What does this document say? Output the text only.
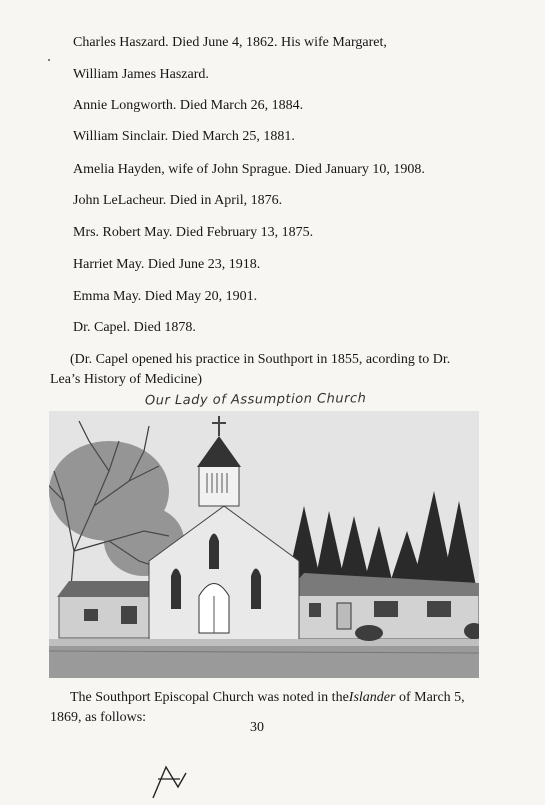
Charles Haszard. Died June 4, 1862. His wife Margaret,
William James Haszard.
Annie Longworth. Died March 26, 1884.
William Sinclair. Died March 25, 1881.
Amelia Hayden, wife of John Sprague. Died January 10, 1908.
John LeLacheur. Died in April, 1876.
Mrs. Robert May. Died February 13, 1875.
Harriet May. Died June 23, 1918.
Emma May. Died May 20, 1901.
Dr. Capel. Died 1878.
(Dr. Capel opened his practice in Southport in 1855, acording to Dr. Lea’s History of Medicine)
Our Lady of Assumption Church
The Southport Episcopal Church was noted in theIslander of March 5, 1869, as follows:
30
